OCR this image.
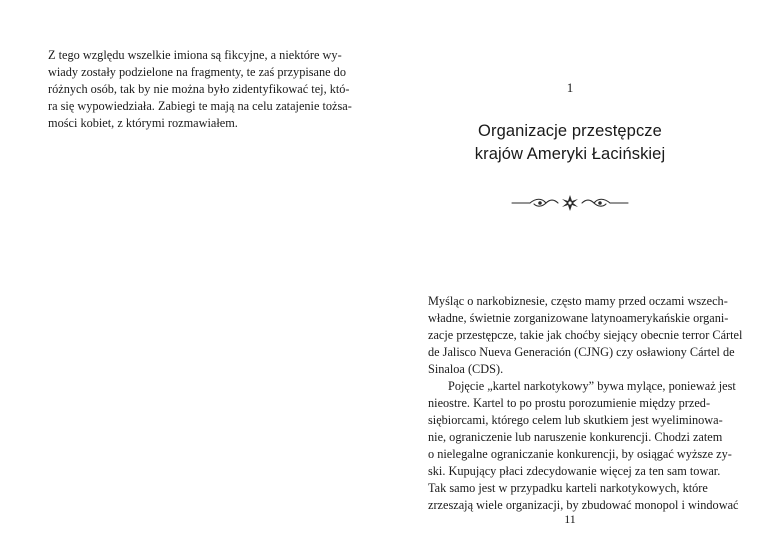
Z tego względu wszelkie imiona są fikcyjne, a niektóre wy-
wiady zostały podzielone na fragmenty, te zaś przypisane do
różnych osób, tak by nie można było zidentyfikować tej, któ-
ra się wypowiedziała. Zabiegi te mają na celu zatajenie tożsa-
mości kobiet, z którymi rozmawiałem.
1
Organizacje przestępcze
krajów Ameryki Łacińskiej
Myśląc o narkobiznesie, często mamy przed oczami wszech-
władne, świetnie zorganizowane latynoamerykańskie organi-
zacje przestępcze, takie jak choćby siejący obecnie terror Cártel
de Jalisco Nueva Generación (CJNG) czy osławiony Cártel de
Sinaloa (CDS).
Pojęcie „kartel narkotykowy” bywa mylące, ponieważ jest
nieostre. Kartel to po prostu porozumienie między przed-
siębiorcami, którego celem lub skutkiem jest wyeliminowa-
nie, ograniczenie lub naruszenie konkurencji. Chodzi zatem
o nielegalne ograniczanie konkurencji, by osiągać wyższe zy-
ski. Kupujący płaci zdecydowanie więcej za ten sam towar.
Tak samo jest w przypadku karteli narkotykowych, które
zrzeszają wiele organizacji, by zbudować monopol i windować
11
